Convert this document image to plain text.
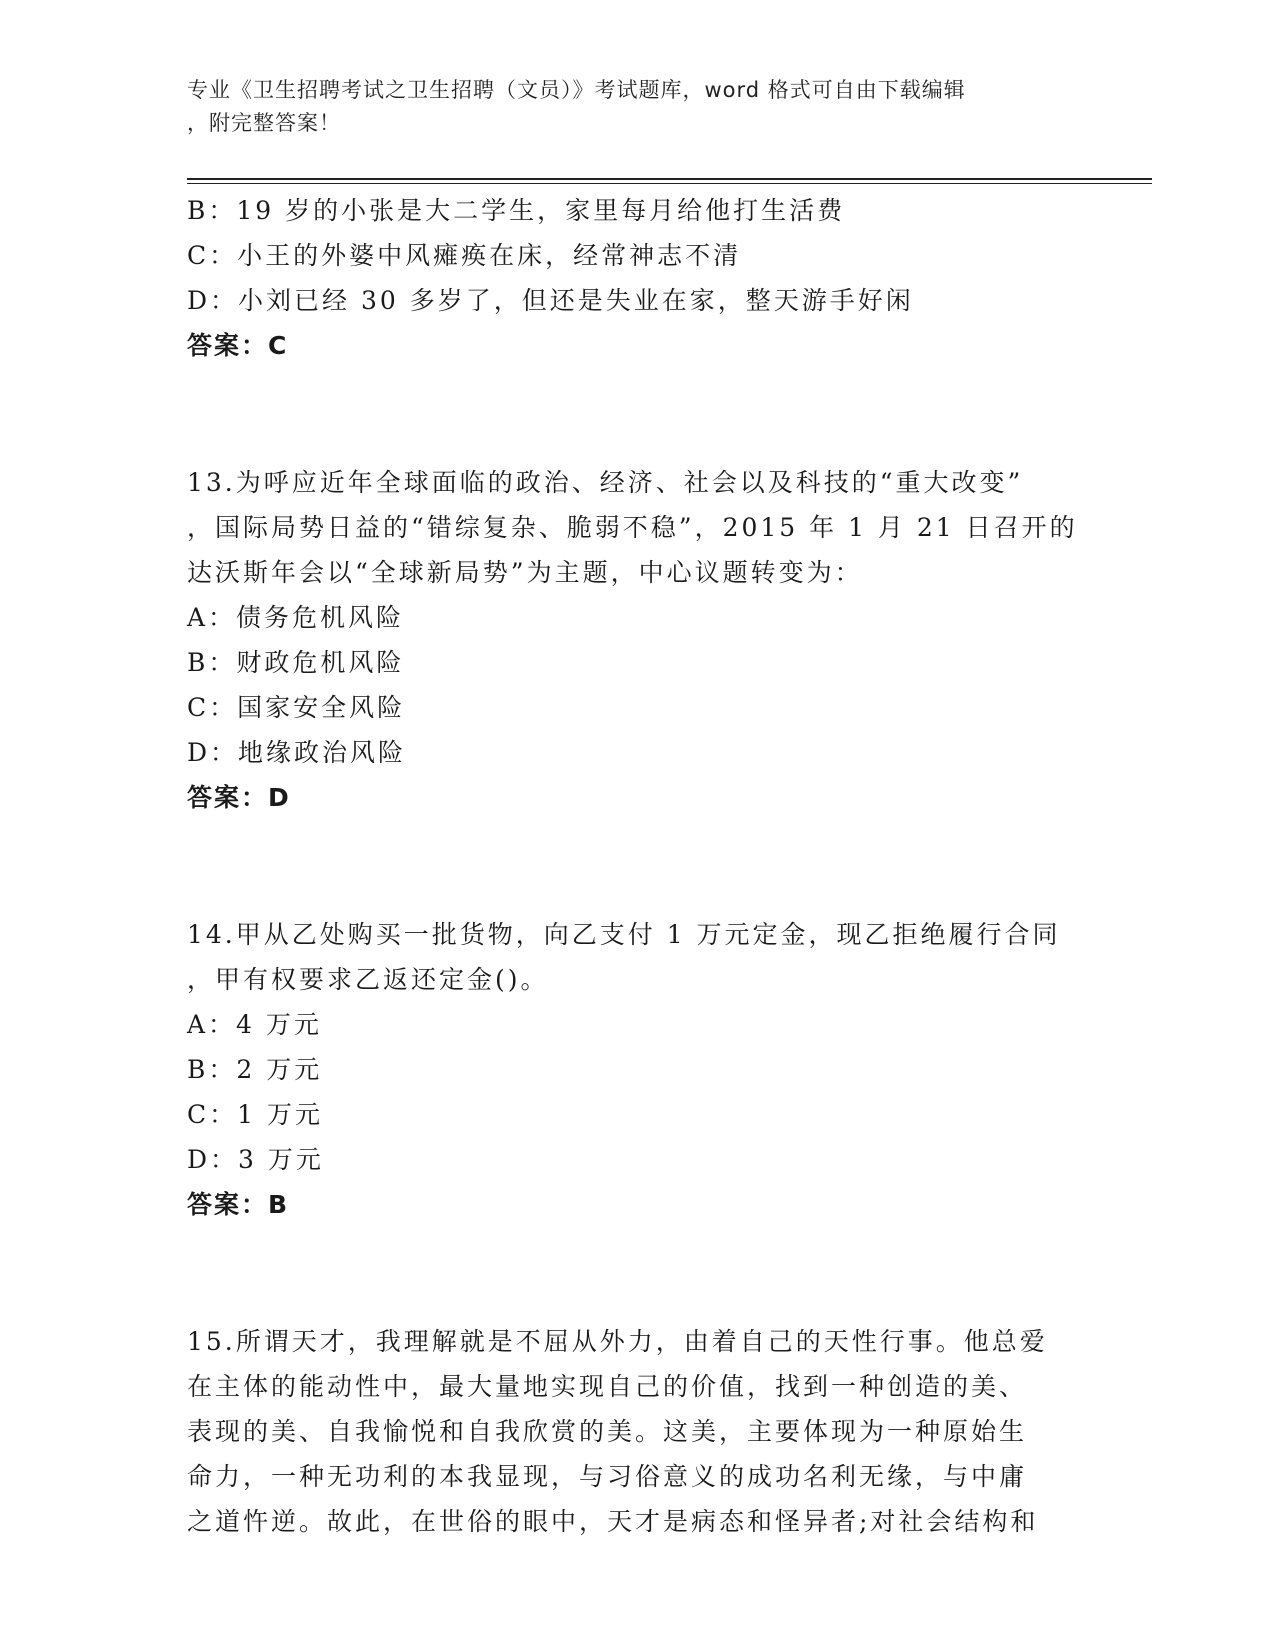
专业《卫生招聘考试之卫生招聘（文员）》考试题库，word 格式可自由下载编辑
，附完整答案！
B：19 岁的小张是大二学生，家里每月给他打生活费
C：小王的外婆中风瘫痪在床，经常神志不清
D：小刘已经 30 多岁了，但还是失业在家，整天游手好闲
答案：C
13.为呼应近年全球面临的政治、经济、社会以及科技的“重大改变”
，国际局势日益的“错综复杂、脆弱不稳”，2015 年 1 月 21 日召开的
达沃斯年会以“全球新局势”为主题，中心议题转变为：
A：债务危机风险
B：财政危机风险
C：国家安全风险
D：地缘政治风险
答案：D
14.甲从乙处购买一批货物，向乙支付 1 万元定金，现乙拒绝履行合同
，甲有权要求乙返还定金()。
A：4 万元
B：2 万元
C：1 万元
D：3 万元
答案：B
15.所谓天才，我理解就是不屈从外力，由着自己的天性行事。他总爱
在主体的能动性中，最大量地实现自己的价值，找到一种创造的美、
表现的美、自我愉悦和自我欣赏的美。这美，主要体现为一种原始生
命力，一种无功利的本我显现，与习俗意义的成功名利无缘，与中庸
之道忤逆。故此，在世俗的眼中，天才是病态和怪异者;对社会结构和
